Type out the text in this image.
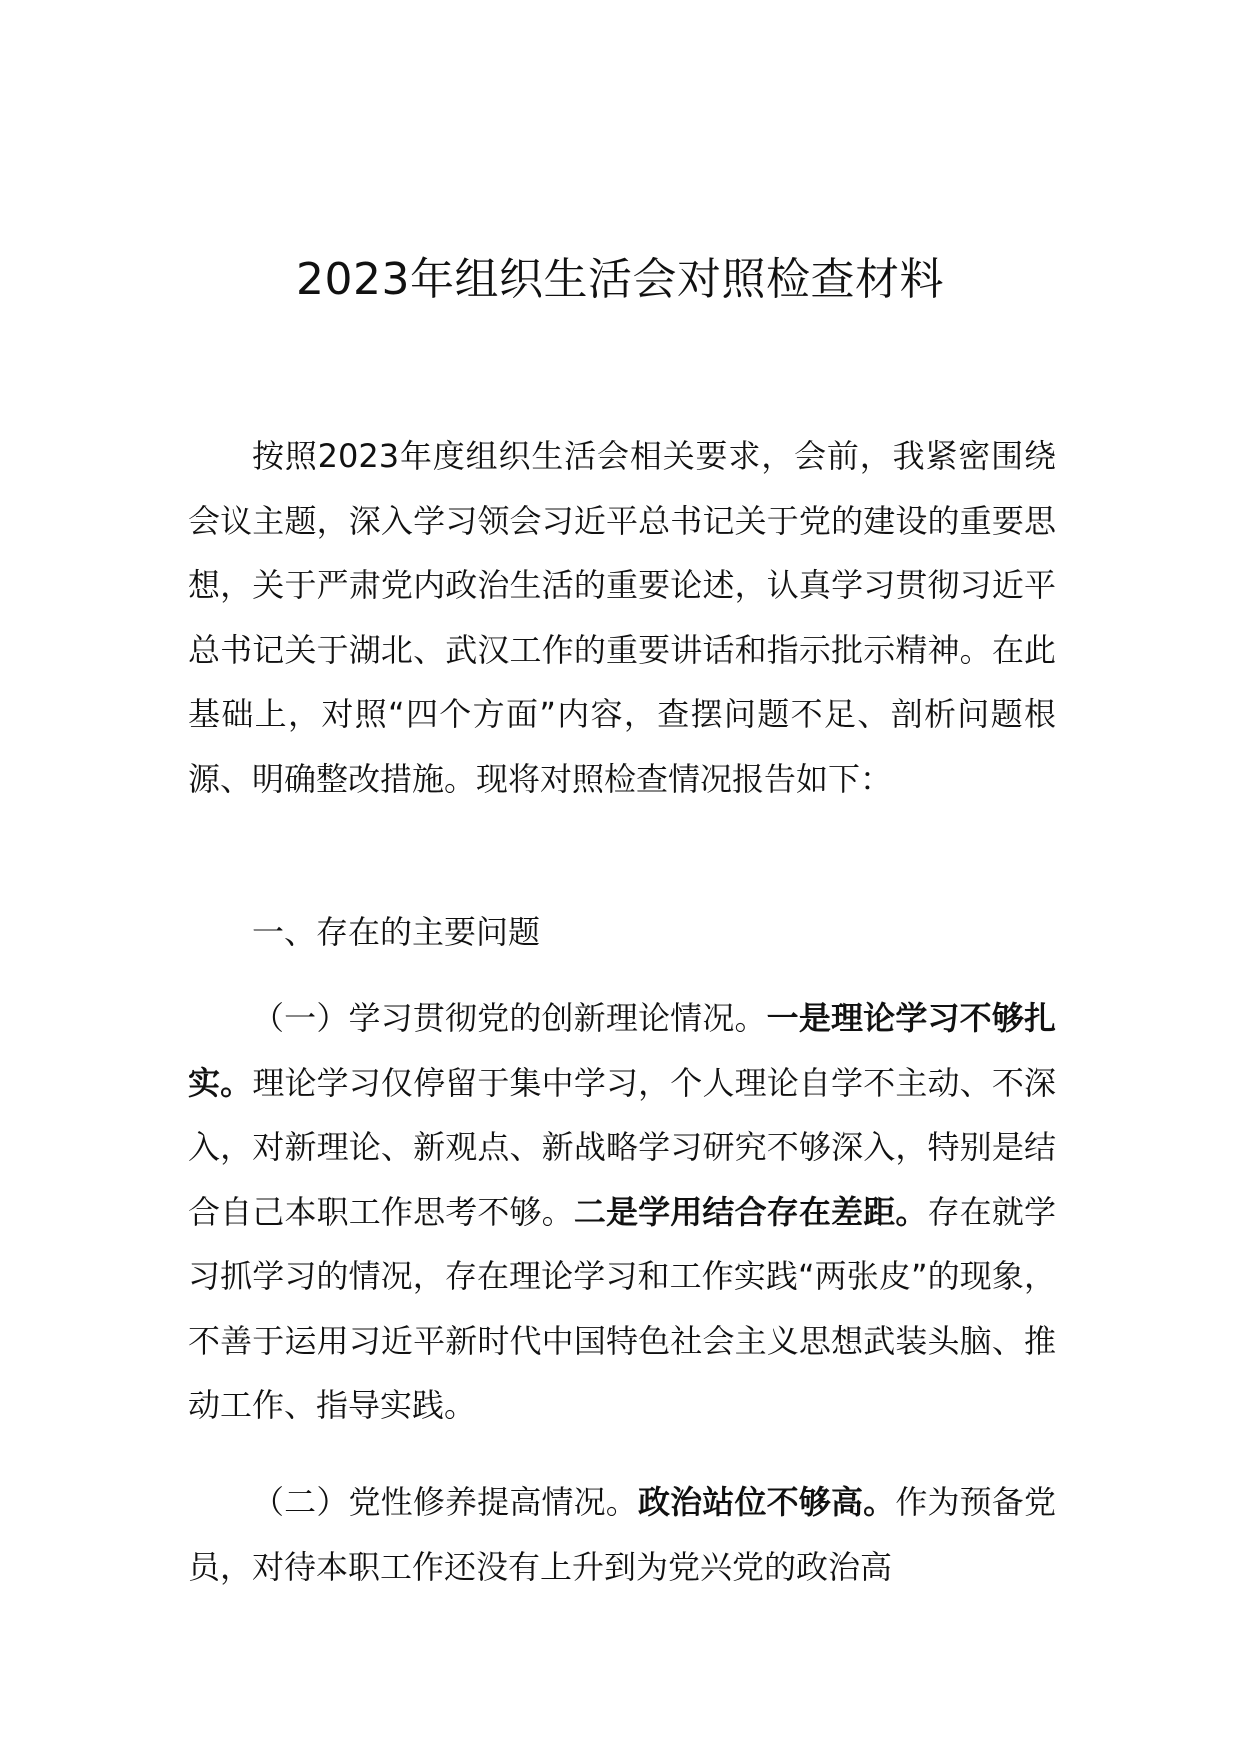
2023年组织生活会对照检查材料
按照2023年度组织生活会相关要求，会前，我紧密围绕会议主题，深入学习领会习近平总书记关于党的建设的重要思想，关于严肃党内政治生活的重要论述，认真学习贯彻习近平总书记关于湖北、武汉工作的重要讲话和指示批示精神。在此基础上，对照“四个方面”内容，查摆问题不足、剖析问题根源、明确整改措施。现将对照检查情况报告如下：
一、存在的主要问题
（一）学习贯彻党的创新理论情况。一是理论学习不够扎实。理论学习仅停留于集中学习，个人理论自学不主动、不深入，对新理论、新观点、新战略学习研究不够深入，特别是结合自己本职工作思考不够。二是学用结合存在差距。存在就学习抓学习的情况，存在理论学习和工作实践“两张皮”的现象，不善于运用习近平新时代中国特色社会主义思想武装头脑、推动工作、指导实践。
（二）党性修养提高情况。政治站位不够高。作为预备党员，对待本职工作还没有上升到为党兴党的政治高
